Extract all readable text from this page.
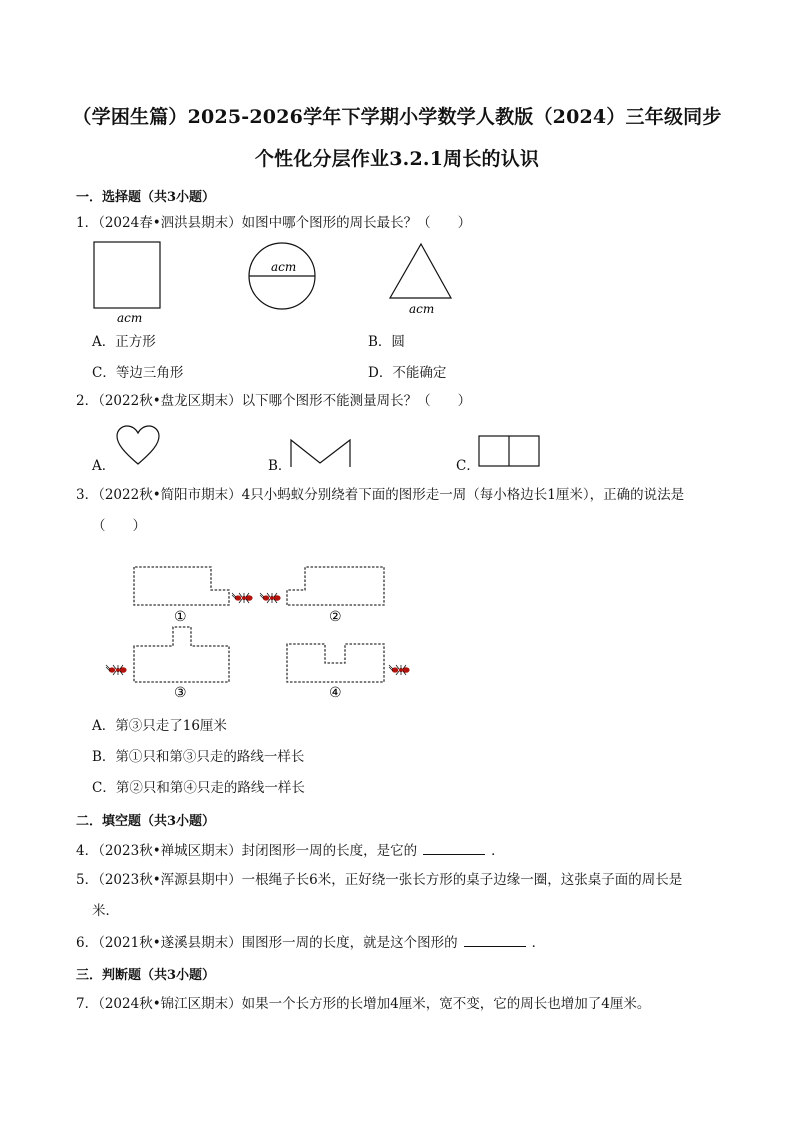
（学困生篇）2025-2026学年下学期小学数学人教版（2024）三年级同步
个性化分层作业3.2.1周长的认识
一．选择题（共3小题）
1．（2024春•泗洪县期末）如图中哪个图形的周长最长？（　　）
acm
acm
acm
A．正方形	B．圆
C．等边三角形	D．不能确定
2．（2022秋•盘龙区期末）以下哪个图形不能测量周长？（　　）
A．	B．	C．
3．（2022秋•简阳市期末）4只小蚂蚁分别绕着下面的图形走一周（每小格边长1厘米），正确的说法是
（　　）
①	②
③	④
A．第③只走了16厘米
B．第①只和第③只走的路线一样长
C．第②只和第④只走的路线一样长
二．填空题（共3小题）
4．（2023秋•禅城区期末）封闭图形一周的长度，是它的	．
5．（2023秋•浑源县期中）一根绳子长6米，正好绕一张长方形的桌子边缘一圈，这张桌子面的周长是
米．
6．（2021秋•遂溪县期末）围图形一周的长度，就是这个图形的	．
三．判断题（共3小题）
7．（2024秋•锦江区期末）如果一个长方形的长增加4厘米，宽不变，它的周长也增加了4厘米。
